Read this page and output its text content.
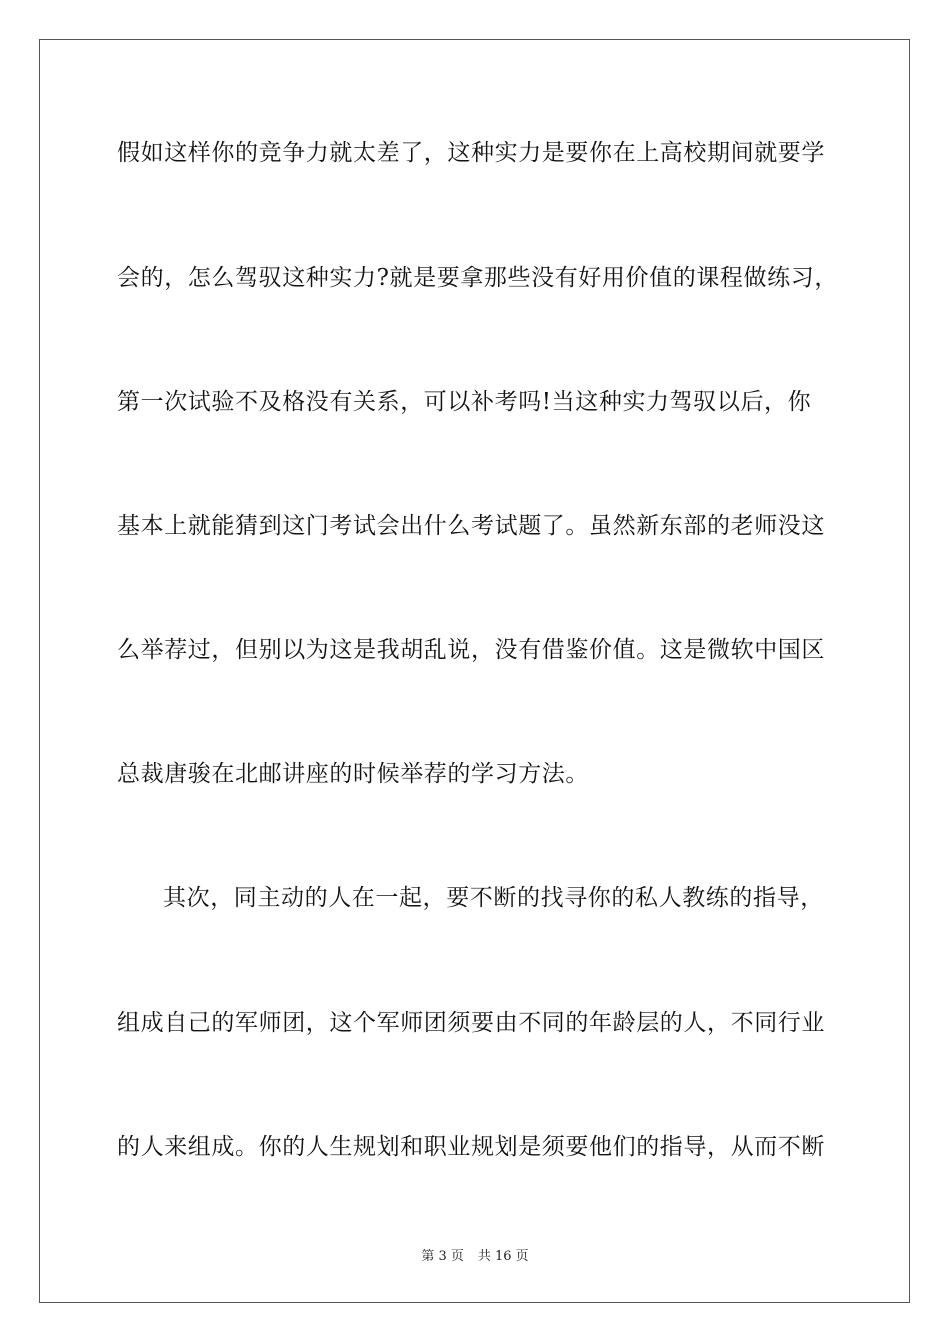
假如这样你的竞争力就太差了，这种实力是要你在上高校期间就要学

会的，怎么驾驭这种实力?就是要拿那些没有好用价值的课程做练习，

第一次试验不及格没有关系，可以补考吗!当这种实力驾驭以后，你

基本上就能猜到这门考试会出什么考试题了。虽然新东部的老师没这

么举荐过，但别以为这是我胡乱说，没有借鉴价值。这是微软中国区

总裁唐骏在北邮讲座的时候举荐的学习方法。

其次，同主动的人在一起，要不断的找寻你的私人教练的指导，

组成自己的军师团，这个军师团须要由不同的年龄层的人，不同行业

的人来组成。你的人生规划和职业规划是须要他们的指导，从而不断

第 3 页 共 16 页
